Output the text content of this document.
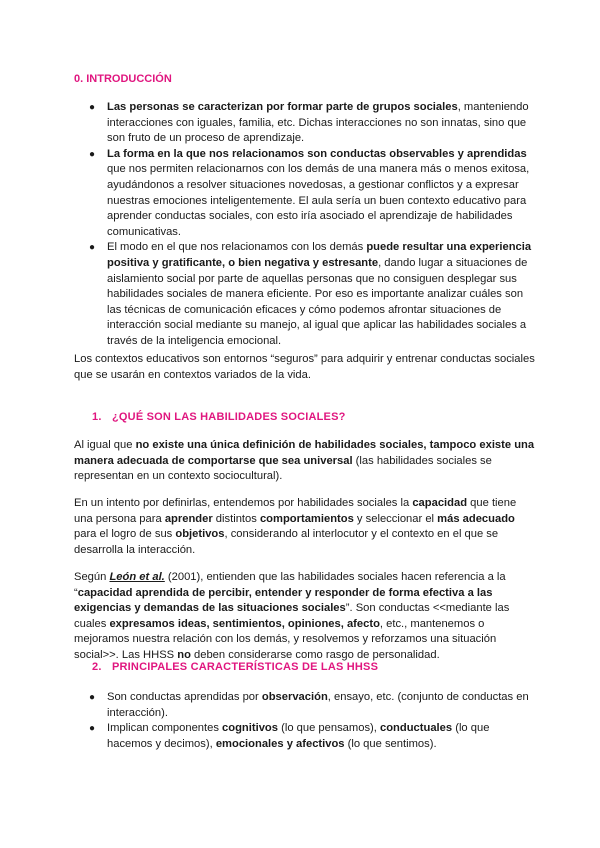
0. INTRODUCCIÓN
● Las personas se caracterizan por formar parte de grupos sociales, manteniendo interacciones con iguales, familia, etc. Dichas interacciones no son innatas, sino que son fruto de un proceso de aprendizaje.
● La forma en la que nos relacionamos son conductas observables y aprendidas que nos permiten relacionarnos con los demás de una manera más o menos exitosa, ayudándonos a resolver situaciones novedosas, a gestionar conflictos y a expresar nuestras emociones inteligentemente. El aula sería un buen contexto educativo para aprender conductas sociales, con esto iría asociado el aprendizaje de habilidades comunicativas.
● El modo en el que nos relacionamos con los demás puede resultar una experiencia positiva y gratificante, o bien negativa y estresante, dando lugar a situaciones de aislamiento social por parte de aquellas personas que no consiguen desplegar sus habilidades sociales de manera eficiente. Por eso es importante analizar cuáles son las técnicas de comunicación eficaces y cómo podemos afrontar situaciones de interacción social mediante su manejo, al igual que aplicar las habilidades sociales a través de la inteligencia emocional.

Los contextos educativos son entornos “seguros” para adquirir y entrenar conductas sociales que se usarán en contextos variados de la vida.

1. ¿QUÉ SON LAS HABILIDADES SOCIALES?

Al igual que no existe una única definición de habilidades sociales, tampoco existe una manera adecuada de comportarse que sea universal (las habilidades sociales se representan en un contexto sociocultural).

En un intento por definirlas, entendemos por habilidades sociales la capacidad que tiene una persona para aprender distintos comportamientos y seleccionar el más adecuado para el logro de sus objetivos, considerando al interlocutor y el contexto en el que se desarrolla la interacción.

Según León et al. (2001), entienden que las habilidades sociales hacen referencia a la “capacidad aprendida de percibir, entender y responder de forma efectiva a las exigencias y demandas de las situaciones sociales”. Son conductas <<mediante las cuales expresamos ideas, sentimientos, opiniones, afecto, etc., mantenemos o mejoramos nuestra relación con los demás, y resolvemos y reforzamos una situación social>>. Las HHSS no deben considerarse como rasgo de personalidad.

2. PRINCIPALES CARACTERÍSTICAS DE LAS HHSS
● Son conductas aprendidas por observación, ensayo, etc. (conjunto de conductas en interacción).
● Implican componentes cognitivos (lo que pensamos), conductuales (lo que hacemos y decimos), emocionales y afectivos (lo que sentimos).
